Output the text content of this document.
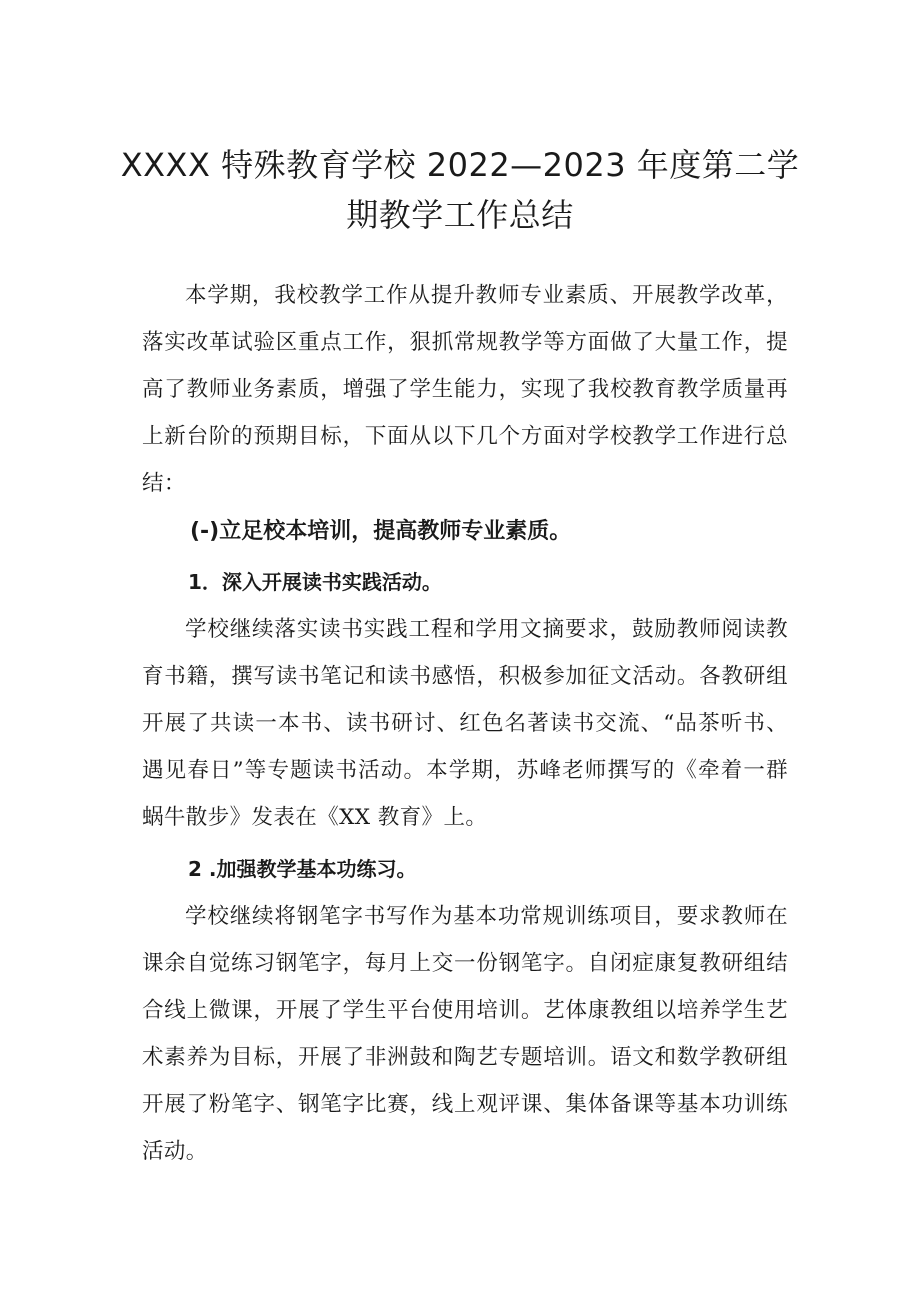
XXXX 特殊教育学校 2022—2023 年度第二学
期教学工作总结

本学期，我校教学工作从提升教师专业素质、开展教学改革，落实改革试验区重点工作，狠抓常规教学等方面做了大量工作，提高了教师业务素质，增强了学生能力，实现了我校教育教学质量再上新台阶的预期目标，下面从以下几个方面对学校教学工作进行总结：

(-)立足校本培训，提高教师专业素质。
1．深入开展读书实践活动。

学校继续落实读书实践工程和学用文摘要求，鼓励教师阅读教育书籍，撰写读书笔记和读书感悟，积极参加征文活动。各教研组开展了共读一本书、读书研讨、红色名著读书交流、“品茶听书、遇见春日”等专题读书活动。本学期，苏峰老师撰写的《牵着一群蜗牛散步》发表在《XX 教育》上。

2 .加强教学基本功练习。

学校继续将钢笔字书写作为基本功常规训练项目，要求教师在课余自觉练习钢笔字，每月上交一份钢笔字。自闭症康复教研组结合线上微课，开展了学生平台使用培训。艺体康教组以培养学生艺术素养为目标，开展了非洲鼓和陶艺专题培训。语文和数学教研组开展了粉笔字、钢笔字比赛，线上观评课、集体备课等基本功训练活动。
